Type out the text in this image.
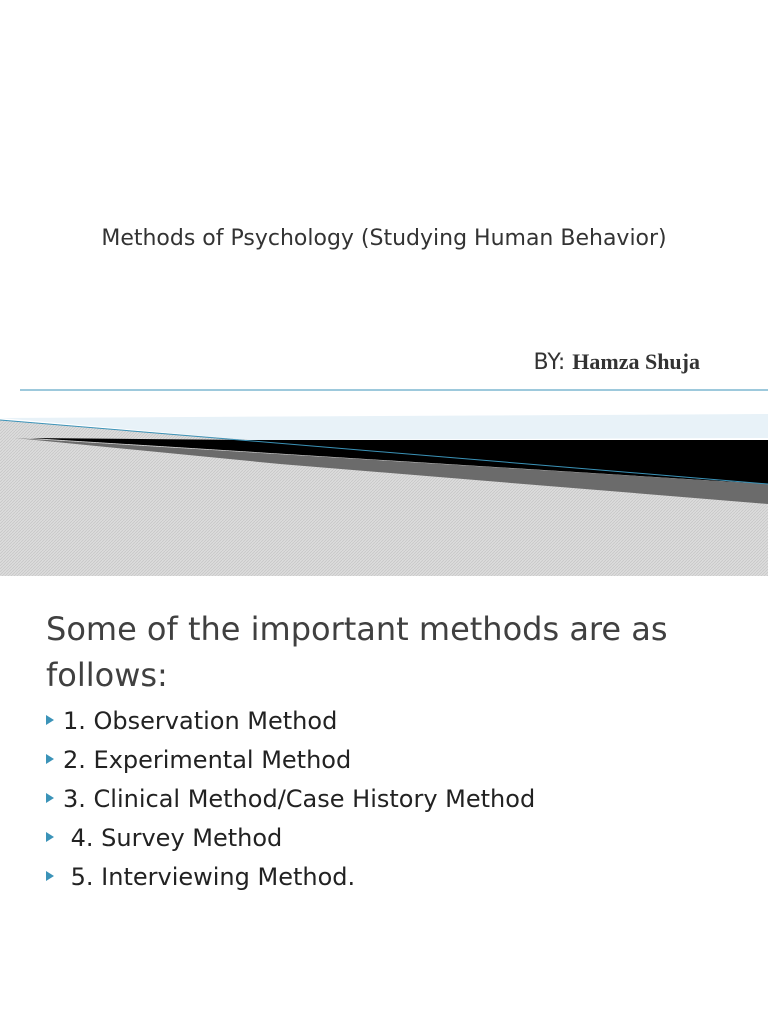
Methods of Psychology (Studying Human Behavior)
BY: Hamza Shuja
Some of the important methods are as follows:
1. Observation Method
2. Experimental Method
3. Clinical Method/Case History Method
4. Survey Method
5. Interviewing Method.
